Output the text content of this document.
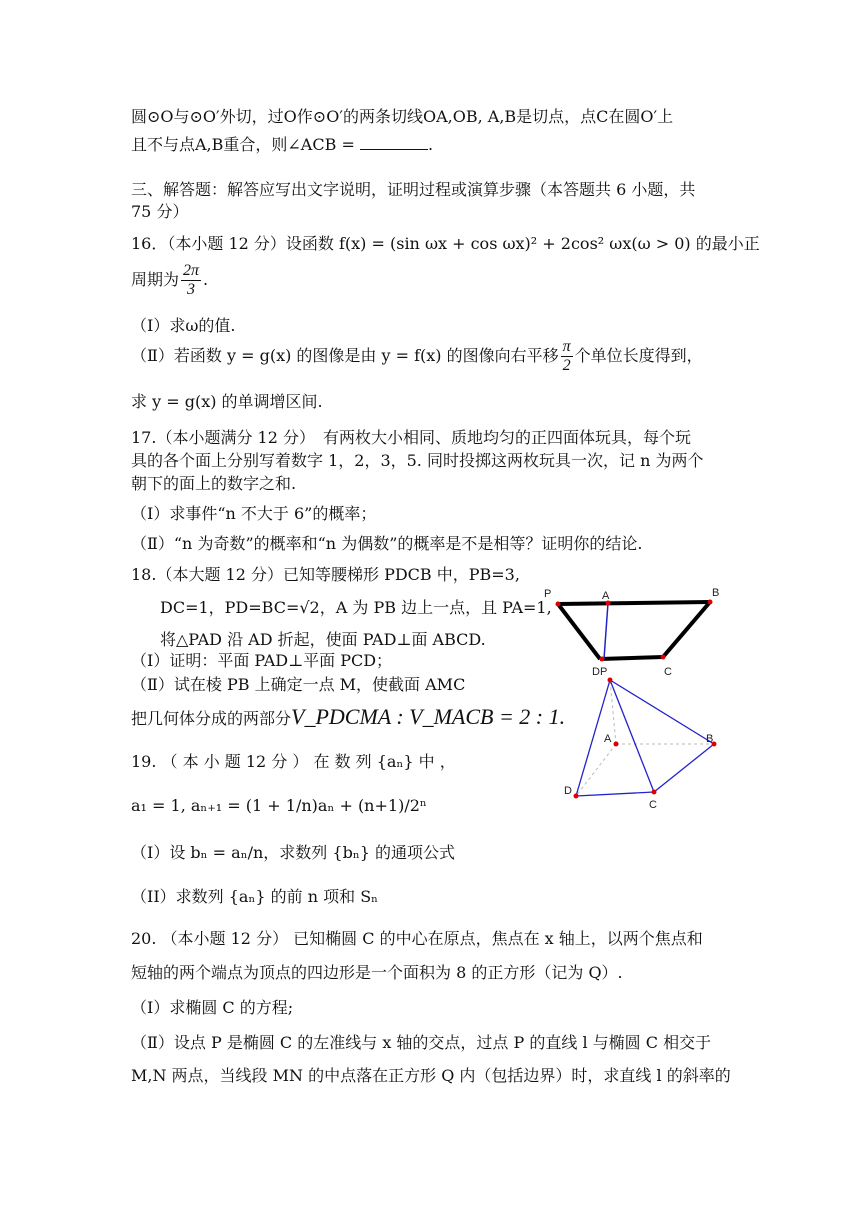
圆⊙O与⊙O′外切，过O作⊙O′的两条切线OA,OB, A,B是切点，点C在圆O′上
且不与点A,B重合，则∠ACB =	.
三、解答题：解答应写出文字说明，证明过程或演算步骤（本答题共 6 小题，共
75 分）
16．（本小题 12 分）设函数 f(x) = (sin ωx + cos ωx)² + 2cos² ωx(ω > 0) 的最小正
周期为 $\frac{2\pi}{3}$ .
（Ⅰ）求ω的值.
（Ⅱ）若函数 y = g(x) 的图像是由 y = f(x) 的图像向右平移 $\frac{\pi}{2}$ 个单位长度得到，
求 y = g(x) 的单调增区间.
17.（本小题满分 12 分）　有两枚大小相同、质地均匀的正四面体玩具，每个玩
具的各个面上分别写着数字 1，2，3，5. 同时投掷这两枚玩具一次，记 n 为两个
朝下的面上的数字之和.
（Ⅰ）求事件“n 不大于 6”的概率；
（Ⅱ）“n 为奇数”的概率和“n 为偶数”的概率是不是相等？证明你的结论.
18.（本大题 12 分）已知等腰梯形 PDCB 中，PB=3,
DC=1，PD=BC=√2，A 为 PB 边上一点，且 PA=1,
将△PAD 沿 AD 折起，使面 PAD⊥面 ABCD.
（Ⅰ）证明：平面 PAD⊥平面 PCD；
（Ⅱ）试在棱 PB 上确定一点 M，使截面 AMC
把几何体分成的两部分V_PDCMA : V_MACB = 2 : 1.
19. （ 本 小 题 12 分 ） 在 数 列 {aₙ} 中 ，
a₁ = 1, aₙ₊₁ = (1 + 1/n)aₙ + (n+1)/2ⁿ
（I）设 bₙ = aₙ/n，求数列 {bₙ} 的通项公式
（II）求数列 {aₙ} 的前 n 项和 Sₙ
20. （本小题 12 分） 已知椭圆 C 的中心在原点，焦点在 x 轴上，以两个焦点和
短轴的两个端点为顶点的四边形是一个面积为 8 的正方形（记为 Q）.
（Ⅰ）求椭圆 C 的方程;
（Ⅱ）设点 P 是椭圆 C 的左准线与 x 轴的交点，过点 P 的直线 l 与椭圆 C 相交于
M,N 两点，当线段 MN 的中点落在正方形 Q 内（包括边界）时，求直线 l 的斜率的
P	A	B
DP	C
A	B
D
C
